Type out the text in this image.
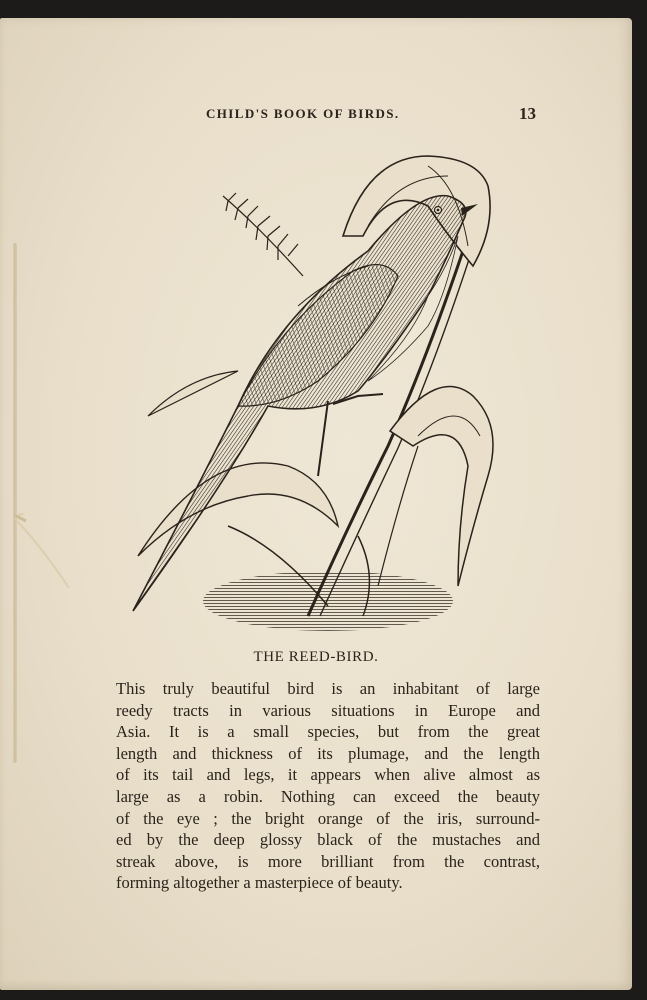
CHILD'S BOOK OF BIRDS.	13
THE REED-BIRD.
This truly beautiful bird is an inhabitant of large
reedy tracts in various situations in Europe and
Asia. It is a small species, but from the great
length and thickness of its plumage, and the length
of its tail and legs, it appears when alive almost as
large as a robin. Nothing can exceed the beauty
of the eye ; the bright orange of the iris, surround-
ed by the deep glossy black of the mustaches and
streak above, is more brilliant from the contrast,
forming altogether a masterpiece of beauty.
